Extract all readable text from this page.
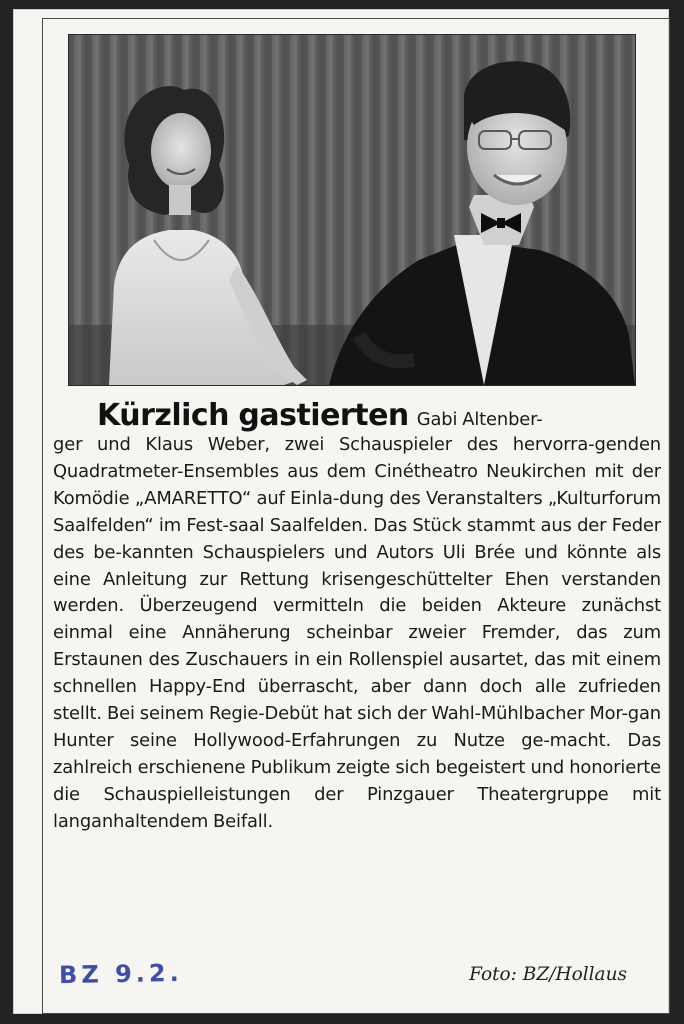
Kürzlich gastierten Gabi Altenber-
ger und Klaus Weber, zwei Schauspieler des hervorra-genden Quadratmeter-Ensembles aus dem Cinétheatro Neukirchen mit der Komödie „AMARETTO“ auf Einla-dung des Veranstalters „Kulturforum Saalfelden“ im Fest-saal Saalfelden. Das Stück stammt aus der Feder des be-kannten Schauspielers und Autors Uli Brée und könnte als eine Anleitung zur Rettung krisengeschüttelter Ehen verstanden werden. Überzeugend vermitteln die beiden Akteure zunächst einmal eine Annäherung scheinbar zweier Fremder, das zum Erstaunen des Zuschauers in ein Rollenspiel ausartet, das mit einem schnellen Happy-End überrascht, aber dann doch alle zufrieden stellt. Bei seinem Regie-Debüt hat sich der Wahl-Mühlbacher Mor-gan Hunter seine Hollywood-Erfahrungen zu Nutze ge-macht. Das zahlreich erschienene Publikum zeigte sich begeistert und honorierte die Schauspielleistungen der Pinzgauer Theatergruppe mit langanhaltendem Beifall.
BZ 9.2.	Foto: BZ/Hollaus
